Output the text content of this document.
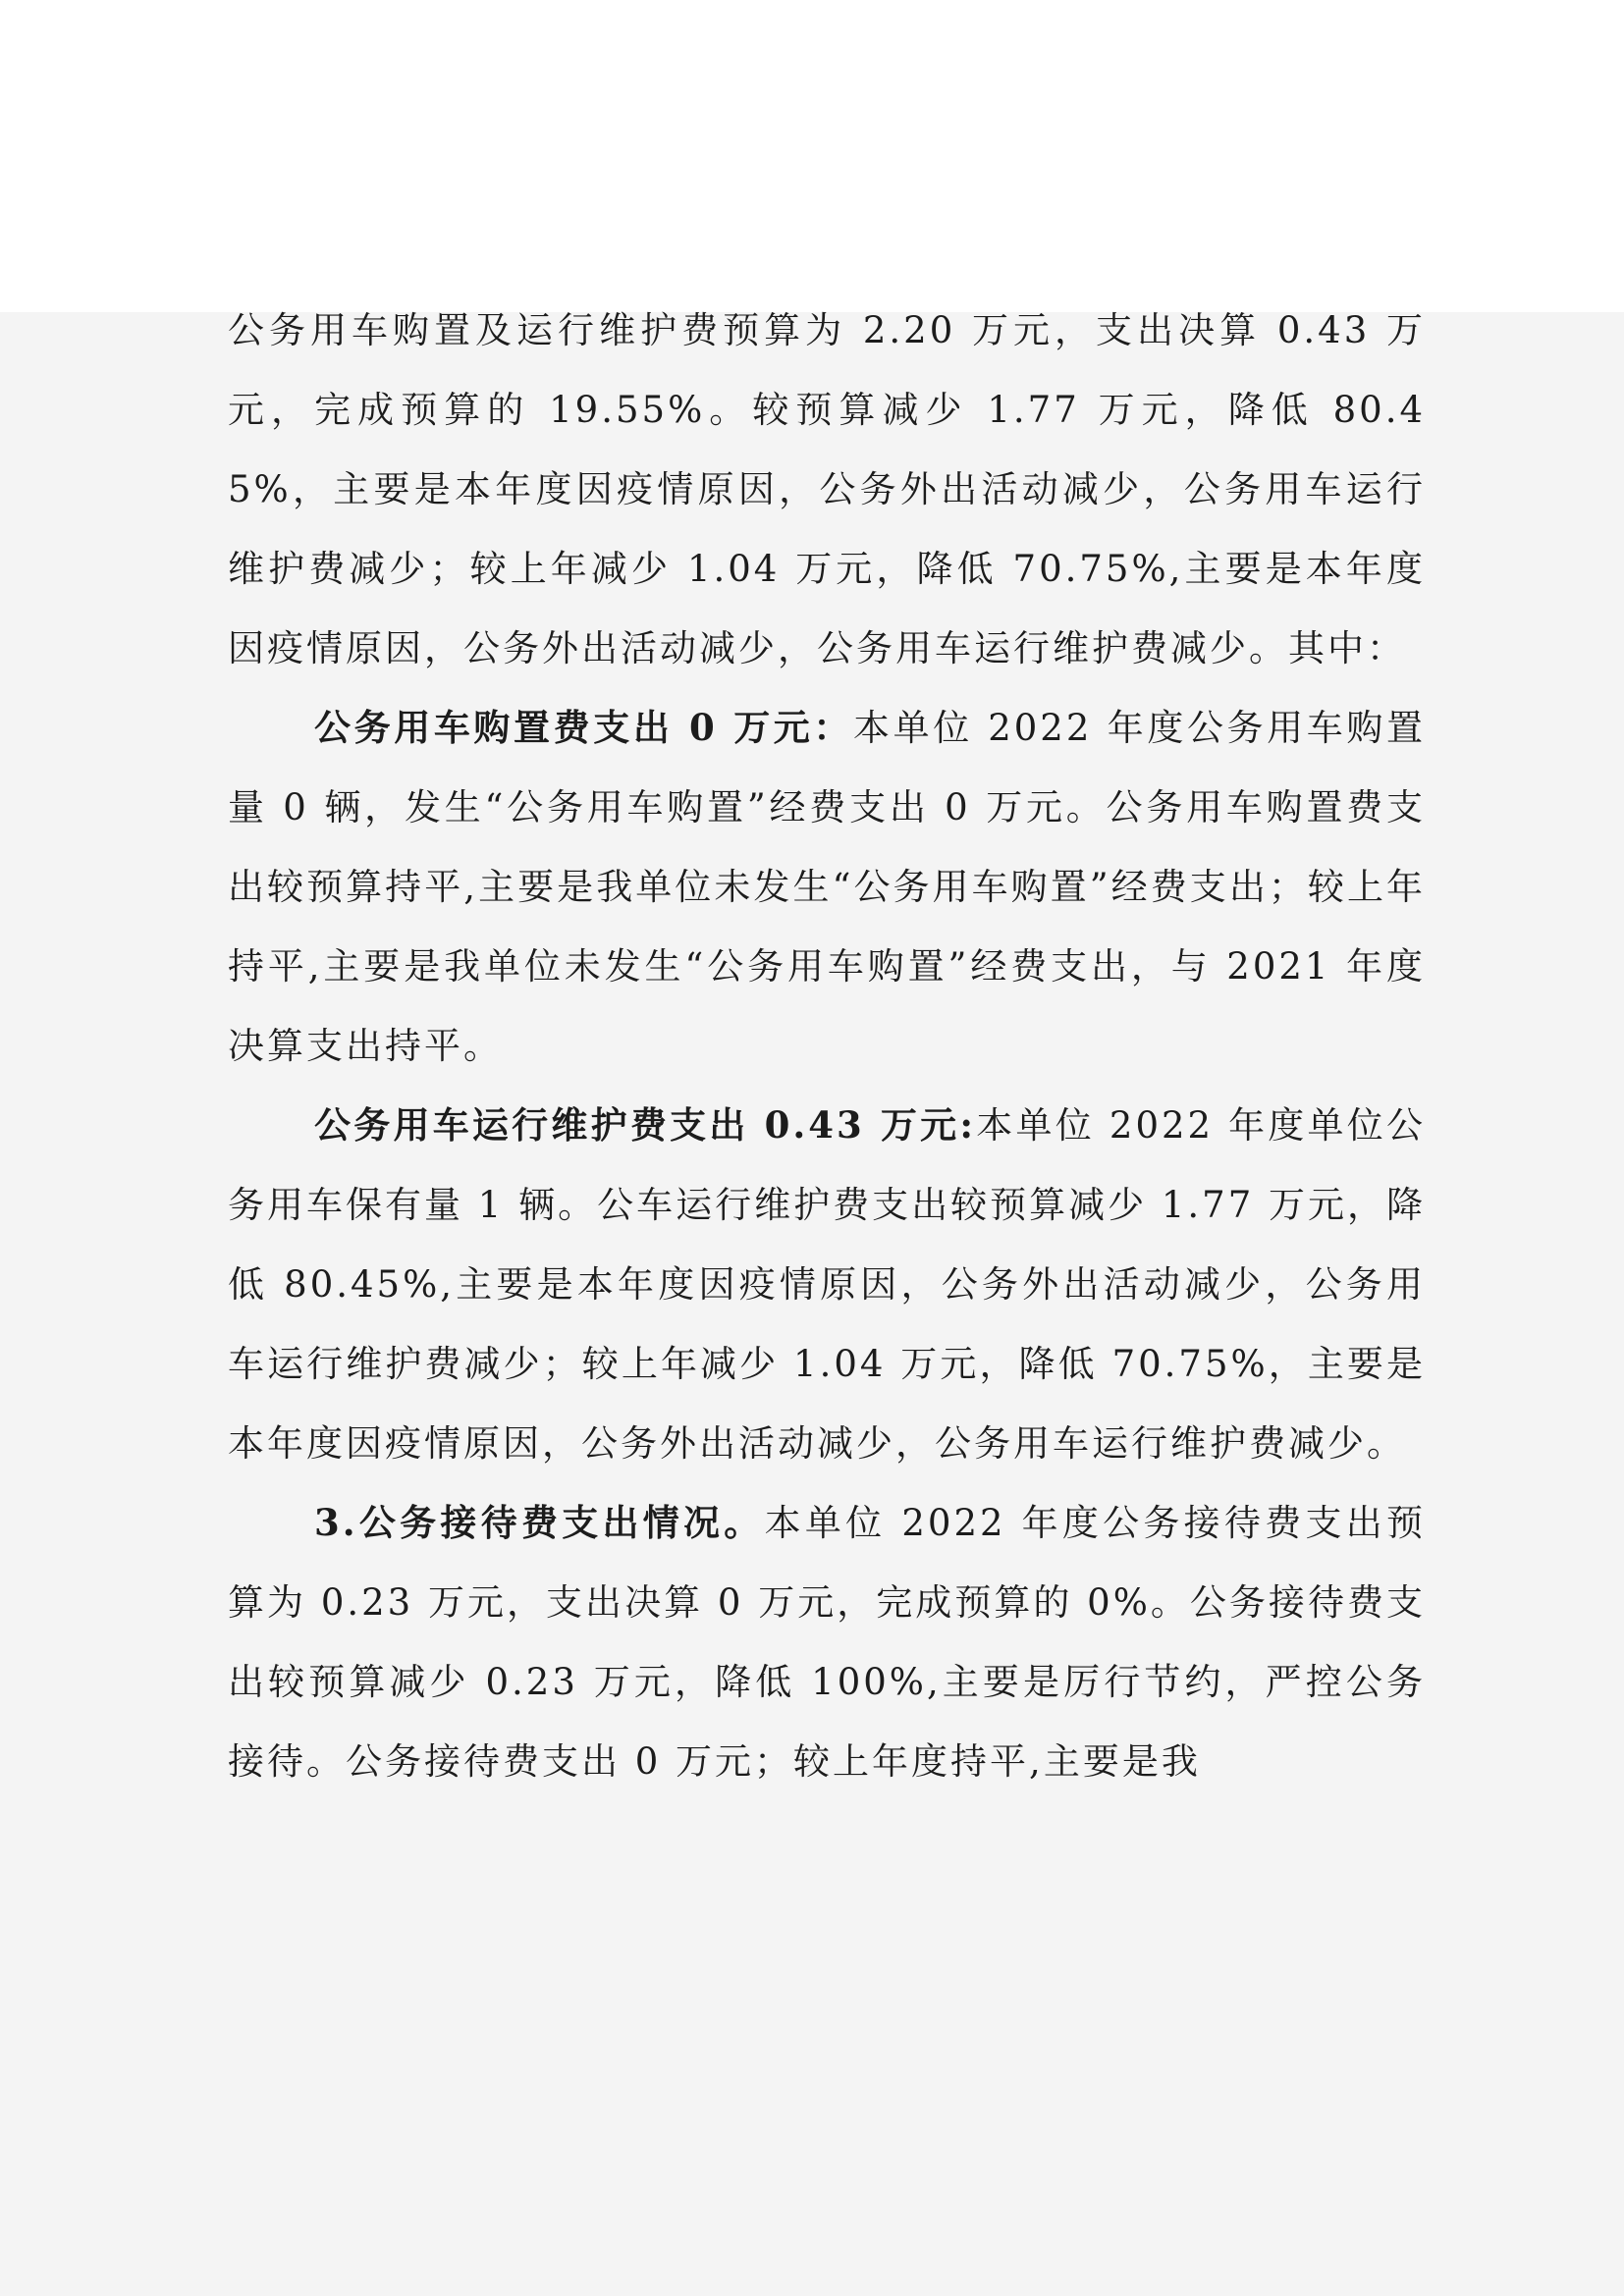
公务用车购置及运行维护费预算为 2.20 万元，支出决算 0.43 万元，完成预算的 19.55%。较预算减少 1.77 万元，降低 80.45%，主要是本年度因疫情原因，公务外出活动减少，公务用车运行维护费减少；较上年减少 1.04 万元，降低 70.75%,主要是本年度因疫情原因，公务外出活动减少，公务用车运行维护费减少。其中：

公务用车购置费支出 0 万元：本单位 2022 年度公务用车购置量 0 辆，发生“公务用车购置”经费支出 0 万元。公务用车购置费支出较预算持平,主要是我单位未发生“公务用车购置”经费支出；较上年持平,主要是我单位未发生“公务用车购置”经费支出，与 2021 年度决算支出持平。

公务用车运行维护费支出 0.43 万元:本单位 2022 年度单位公务用车保有量 1 辆。公车运行维护费支出较预算减少 1.77 万元，降低 80.45%,主要是本年度因疫情原因，公务外出活动减少，公务用车运行维护费减少；较上年减少 1.04 万元，降低 70.75%，主要是本年度因疫情原因，公务外出活动减少，公务用车运行维护费减少。

3.公务接待费支出情况。本单位 2022 年度公务接待费支出预算为 0.23 万元，支出决算 0 万元，完成预算的 0%。公务接待费支出较预算减少 0.23 万元，降低 100%,主要是厉行节约，严控公务接待。公务接待费支出 0 万元；较上年度持平,主要是我
